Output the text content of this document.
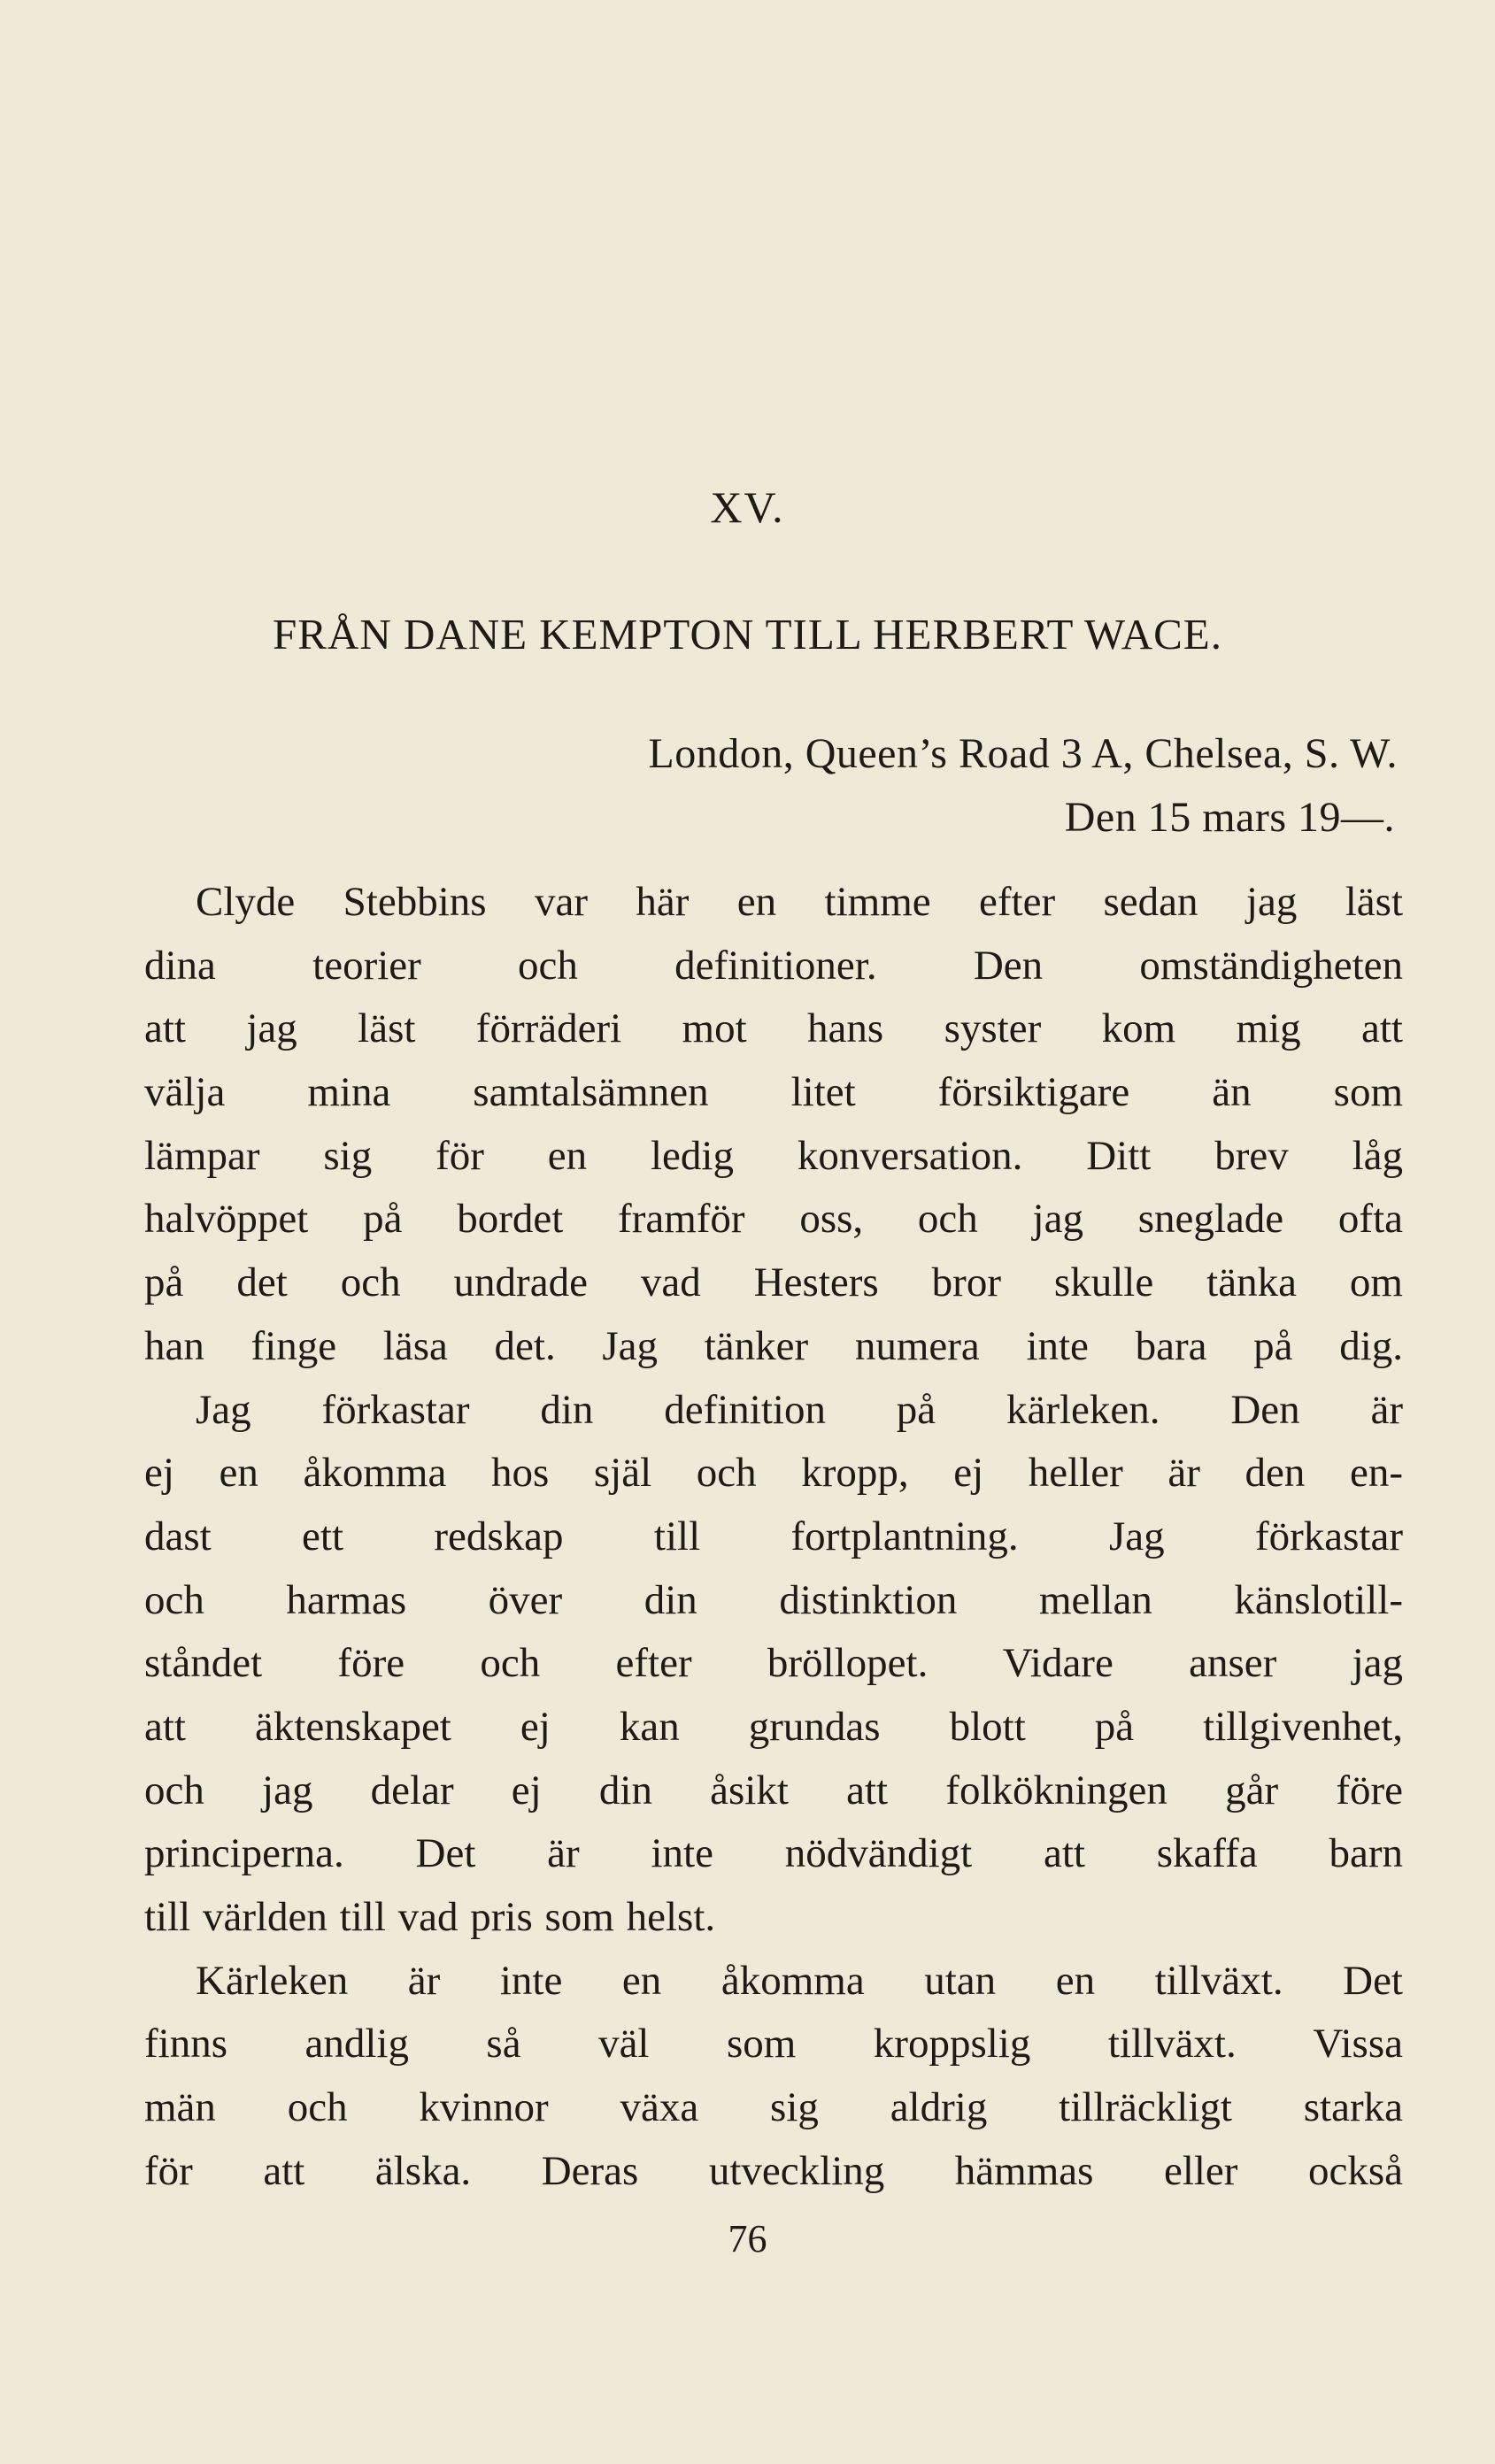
XV.
FRÅN DANE KEMPTON TILL HERBERT WACE.
London, Queen’s Road 3 A, Chelsea, S. W.
Den 15 mars 19—.
Clyde Stebbins var här en timme efter sedan jag läst
dina teorier och definitioner. Den omständigheten
att jag läst förräderi mot hans syster kom mig att
välja mina samtalsämnen litet försiktigare än som
lämpar sig för en ledig konversation. Ditt brev låg
halvöppet på bordet framför oss, och jag sneglade ofta
på det och undrade vad Hesters bror skulle tänka om
han finge läsa det. Jag tänker numera inte bara på dig.
Jag förkastar din definition på kärleken. Den är
ej en åkomma hos själ och kropp, ej heller är den en-
dast ett redskap till fortplantning. Jag förkastar
och harmas över din distinktion mellan känslotill-
ståndet före och efter bröllopet. Vidare anser jag
att äktenskapet ej kan grundas blott på tillgivenhet,
och jag delar ej din åsikt att folkökningen går före
principerna. Det är inte nödvändigt att skaffa barn
till världen till vad pris som helst.
Kärleken är inte en åkomma utan en tillväxt. Det
finns andlig så väl som kroppslig tillväxt. Vissa
män och kvinnor växa sig aldrig tillräckligt starka
för att älska. Deras utveckling hämmas eller också
76
